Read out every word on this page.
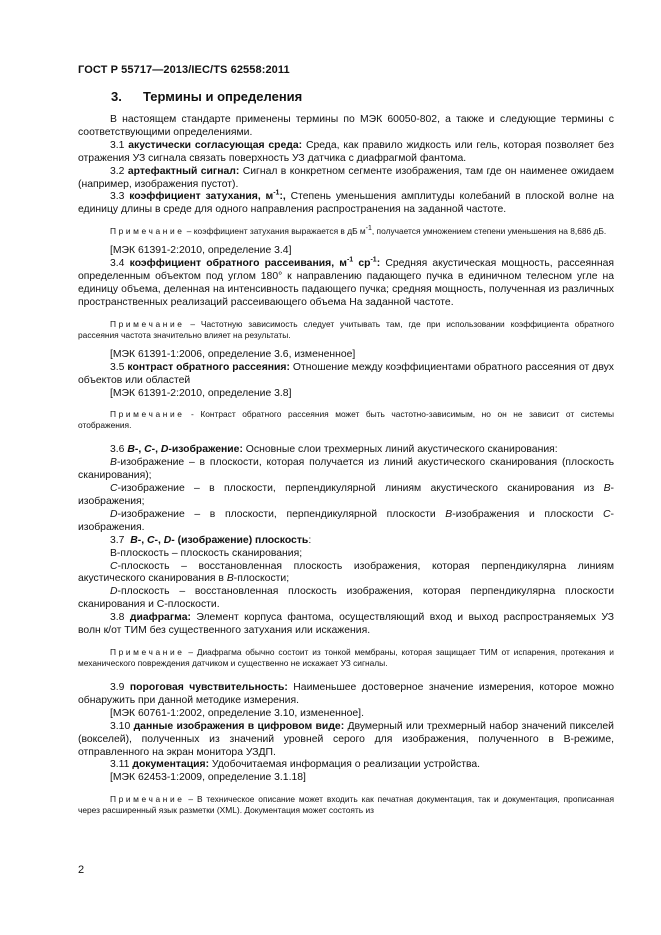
ГОСТ Р 55717—2013/IEC/TS 62558:2011
3. Термины и определения

В настоящем стандарте применены термины по МЭК 60050-802, а также и следующие термины с соответствующими определениями.

3.1 акустически согласующая среда: Среда, как правило жидкость или гель, которая позволяет без отражения УЗ сигнала связать поверхность УЗ датчика с диафрагмой фантома.

3.2 артефактный сигнал: Сигнал в конкретном сегменте изображения, там где он наименее ожидаем (например, изображения пустот).

3.3 коэффициент затухания, $м^{-1}$:, Степень уменьшения амплитуды колебаний в плоской волне на единицу длины в среде для одного направления распространения на заданной частоте.

Примечание – коэффициент затухания выражается в дБ $м^{-1}$, получается умножением степени уменьшения на 8,686 дБ.

[МЭК 61391-2:2010, определение 3.4]

3.4 коэффициент обратного рассеивания, $м^{-1}$ $ср^{-1}$: Средняя акустическая мощность, рассеянная определенным объектом под углом 180° к направлению падающего пучка в единичном телесном угле на единицу объема, деленная на интенсивность падающего пучка; средняя мощность, полученная из различных пространственных реализаций рассеивающего объема На заданной частоте.

Примечание – Частотную зависимость следует учитывать там, где при использовании коэффициента обратного рассеяния частота значительно влияет на результаты.

[МЭК 61391-1:2006, определение 3.6, измененное]

3.5 контраст обратного рассеяния: Отношение между коэффициентами обратного рассеяния от двух объектов или областей

[МЭК 61391-2:2010, определение 3.8]

Примечание - Контраст обратного рассеяния может быть частотно-зависимым, но он не зависит от системы отображения.

3.6 B-, C-, D-изображение: Основные слои трехмерных линий акустического сканирования:

B-изображение – в плоскости, которая получается из линий акустического сканирования (плоскость сканирования);

C-изображение – в плоскости, перпендикулярной линиям акустического сканирования из B-изображения;

D-изображение – в плоскости, перпендикулярной плоскости B-изображения и плоскости C-изображения.

3.7 B-, C-, D- (изображение) плоскость:

В-плоскость – плоскость сканирования;

C-плоскость – восстановленная плоскость изображения, которая перпендикулярна линиям акустического сканирования в B-плоскости;

D-плоскость – восстановленная плоскость изображения, которая перпендикулярна плоскости сканирования и С-плоскости.

3.8 диафрагма: Элемент корпуса фантома, осуществляющий вход и выход распространяемых УЗ волн к/от ТИМ без существенного затухания или искажения.

Примечание – Диафрагма обычно состоит из тонкой мембраны, которая защищает ТИМ от испарения, протекания и механического повреждения датчиком и существенно не искажает УЗ сигналы.

3.9 пороговая чувствительность: Наименьшее достоверное значение измерения, которое можно обнаружить при данной методике измерения.

[МЭК 60761-1:2002, определение 3.10, измененное].

3.10 данные изображения в цифровом виде: Двумерный или трехмерный набор значений пикселей (вокселей), полученных из значений уровней серого для изображения, полученного в B-режиме, отправленного на экран монитора УЗДП.

3.11 документация: Удобочитаемая информация о реализации устройства.

[МЭК 62453-1:2009, определение 3.1.18]

Примечание – В техническое описание может входить как печатная документация, так и документация, прописанная через расширенный язык разметки (XML). Документация может состоять из

2
